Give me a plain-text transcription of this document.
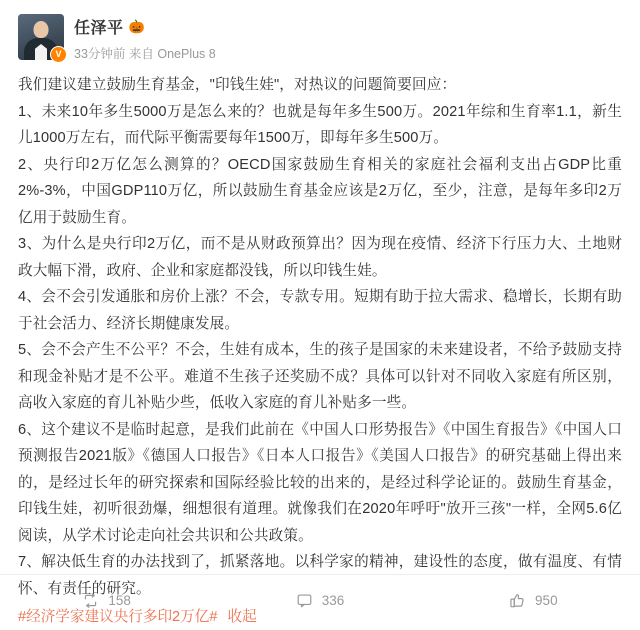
V
任泽平 🎃
33分钟前 来自 OnePlus 8

我们建议建立鼓励生育基金，"印钱生娃"，对热议的问题简要回应：

1、未来10年多生5000万是怎么来的？也就是每年多生500万。2021年综和生育率1.1，新生儿1000万左右，而代际平衡需要每年1500万，即每年多生500万。

2、央行印2万亿怎么测算的？OECD国家鼓励生育相关的家庭社会福利支出占GDP比重2%-3%，中国GDP110万亿，所以鼓励生育基金应该是2万亿，至少，注意，是每年多印2万亿用于鼓励生育。

3、为什么是央行印2万亿，而不是从财政预算出？因为现在疫情、经济下行压力大、土地财政大幅下滑，政府、企业和家庭都没钱，所以印钱生娃。

4、会不会引发通胀和房价上涨？不会，专款专用。短期有助于拉大需求、稳增长，长期有助于社会活力、经济长期健康发展。

5、会不会产生不公平？不会，生娃有成本，生的孩子是国家的未来建设者，不给予鼓励支持和现金补贴才是不公平。难道不生孩子还奖励不成？具体可以针对不同收入家庭有所区别，高收入家庭的育儿补贴少些，低收入家庭的育儿补贴多一些。

6、这个建议不是临时起意，是我们此前在《中国人口形势报告》《中国生育报告》《中国人口预测报告2021版》《德国人口报告》《日本人口报告》《美国人口报告》的研究基础上得出来的，是经过长年的研究探索和国际经验比较的出来的，是经过科学论证的。鼓励生育基金，印钱生娃，初听很劲爆，细想很有道理。就像我们在2020年呼吁"放开三孩"一样，全网5.6亿阅读，从学术讨论走向社会共识和公共政策。

7、解决低生育的办法找到了，抓紧落地。以科学家的精神，建设性的态度，做有温度、有情怀、有责任的研究。

#经济学家建议央行多印2万亿# 收起
158	336	950
